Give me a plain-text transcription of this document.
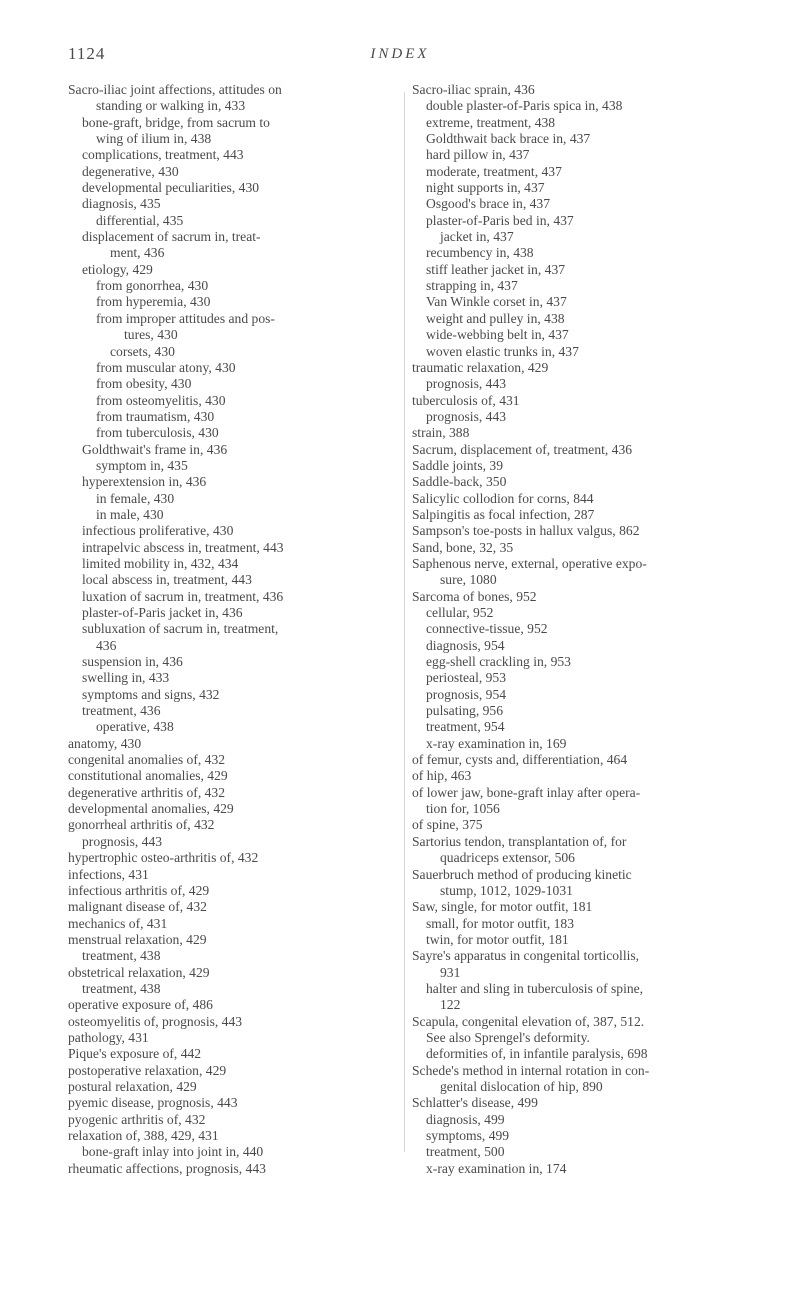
1124	INDEX
Sacro-iliac joint affections, attitudes on
standing or walking in, 433
bone-graft, bridge, from sacrum to
wing of ilium in, 438
complications, treatment, 443
degenerative, 430
developmental peculiarities, 430
diagnosis, 435
differential, 435
displacement of sacrum in, treat-
ment, 436
etiology, 429
from gonorrhea, 430
from hyperemia, 430
from improper attitudes and pos-
tures, 430
corsets, 430
from muscular atony, 430
from obesity, 430
from osteomyelitis, 430
from traumatism, 430
from tuberculosis, 430
Goldthwait's frame in, 436
symptom in, 435
hyperextension in, 436
in female, 430
in male, 430
infectious proliferative, 430
intrapelvic abscess in, treatment, 443
limited mobility in, 432, 434
local abscess in, treatment, 443
luxation of sacrum in, treatment, 436
plaster-of-Paris jacket in, 436
subluxation of sacrum in, treatment,
436
suspension in, 436
swelling in, 433
symptoms and signs, 432
treatment, 436
operative, 438
anatomy, 430
congenital anomalies of, 432
constitutional anomalies, 429
degenerative arthritis of, 432
developmental anomalies, 429
gonorrheal arthritis of, 432
prognosis, 443
hypertrophic osteo-arthritis of, 432
infections, 431
infectious arthritis of, 429
malignant disease of, 432
mechanics of, 431
menstrual relaxation, 429
treatment, 438
obstetrical relaxation, 429
treatment, 438
operative exposure of, 486
osteomyelitis of, prognosis, 443
pathology, 431
Pique's exposure of, 442
postoperative relaxation, 429
postural relaxation, 429
pyemic disease, prognosis, 443
pyogenic arthritis of, 432
relaxation of, 388, 429, 431
bone-graft inlay into joint in, 440
rheumatic affections, prognosis, 443
Sacro-iliac sprain, 436
double plaster-of-Paris spica in, 438
extreme, treatment, 438
Goldthwait back brace in, 437
hard pillow in, 437
moderate, treatment, 437
night supports in, 437
Osgood's brace in, 437
plaster-of-Paris bed in, 437
jacket in, 437
recumbency in, 438
stiff leather jacket in, 437
strapping in, 437
Van Winkle corset in, 437
weight and pulley in, 438
wide-webbing belt in, 437
woven elastic trunks in, 437
traumatic relaxation, 429
prognosis, 443
tuberculosis of, 431
prognosis, 443
strain, 388
Sacrum, displacement of, treatment, 436
Saddle joints, 39
Saddle-back, 350
Salicylic collodion for corns, 844
Salpingitis as focal infection, 287
Sampson's toe-posts in hallux valgus, 862
Sand, bone, 32, 35
Saphenous nerve, external, operative expo-
sure, 1080
Sarcoma of bones, 952
cellular, 952
connective-tissue, 952
diagnosis, 954
egg-shell crackling in, 953
periosteal, 953
prognosis, 954
pulsating, 956
treatment, 954
x-ray examination in, 169
of femur, cysts and, differentiation, 464
of hip, 463
of lower jaw, bone-graft inlay after opera-
tion for, 1056
of spine, 375
Sartorius tendon, transplantation of, for
quadriceps extensor, 506
Sauerbruch method of producing kinetic
stump, 1012, 1029-1031
Saw, single, for motor outfit, 181
small, for motor outfit, 183
twin, for motor outfit, 181
Sayre's apparatus in congenital torticollis,
931
halter and sling in tuberculosis of spine,
122
Scapula, congenital elevation of, 387, 512.
See also Sprengel's deformity.
deformities of, in infantile paralysis, 698
Schede's method in internal rotation in con-
genital dislocation of hip, 890
Schlatter's disease, 499
diagnosis, 499
symptoms, 499
treatment, 500
x-ray examination in, 174
